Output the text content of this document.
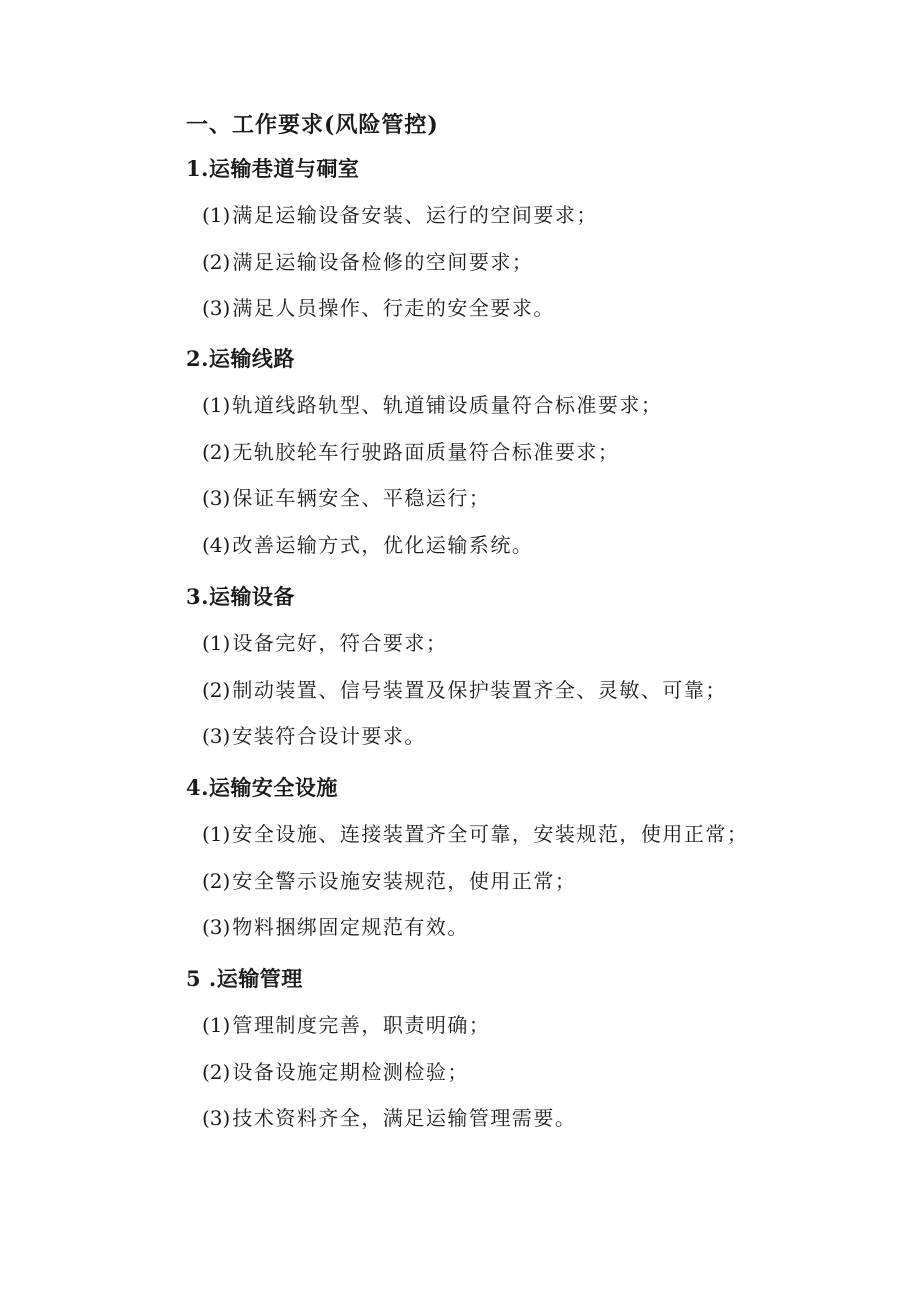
一、工作要求(风险管控)
1.运输巷道与硐室
(1) 满足运输设备安装、运行的空间要求；
(2) 满足运输设备检修的空间要求；
(3) 满足人员操作、行走的安全要求。
2.运输线路
(1) 轨道线路轨型、轨道铺设质量符合标准要求；
(2) 无轨胶轮车行驶路面质量符合标准要求；
(3) 保证车辆安全、平稳运行；
(4) 改善运输方式，优化运输系统。
3.运输设备
(1) 设备完好，符合要求；
(2) 制动装置、信号装置及保护装置齐全、灵敏、可靠；
(3) 安装符合设计要求。
4.运输安全设施
(1) 安全设施、连接装置齐全可靠，安装规范，使用正常；
(2) 安全警示设施安装规范，使用正常；
(3) 物料捆绑固定规范有效。
5 .运输管理
(1) 管理制度完善，职责明确；
(2) 设备设施定期检测检验；
(3) 技术资料齐全，满足运输管理需要。
